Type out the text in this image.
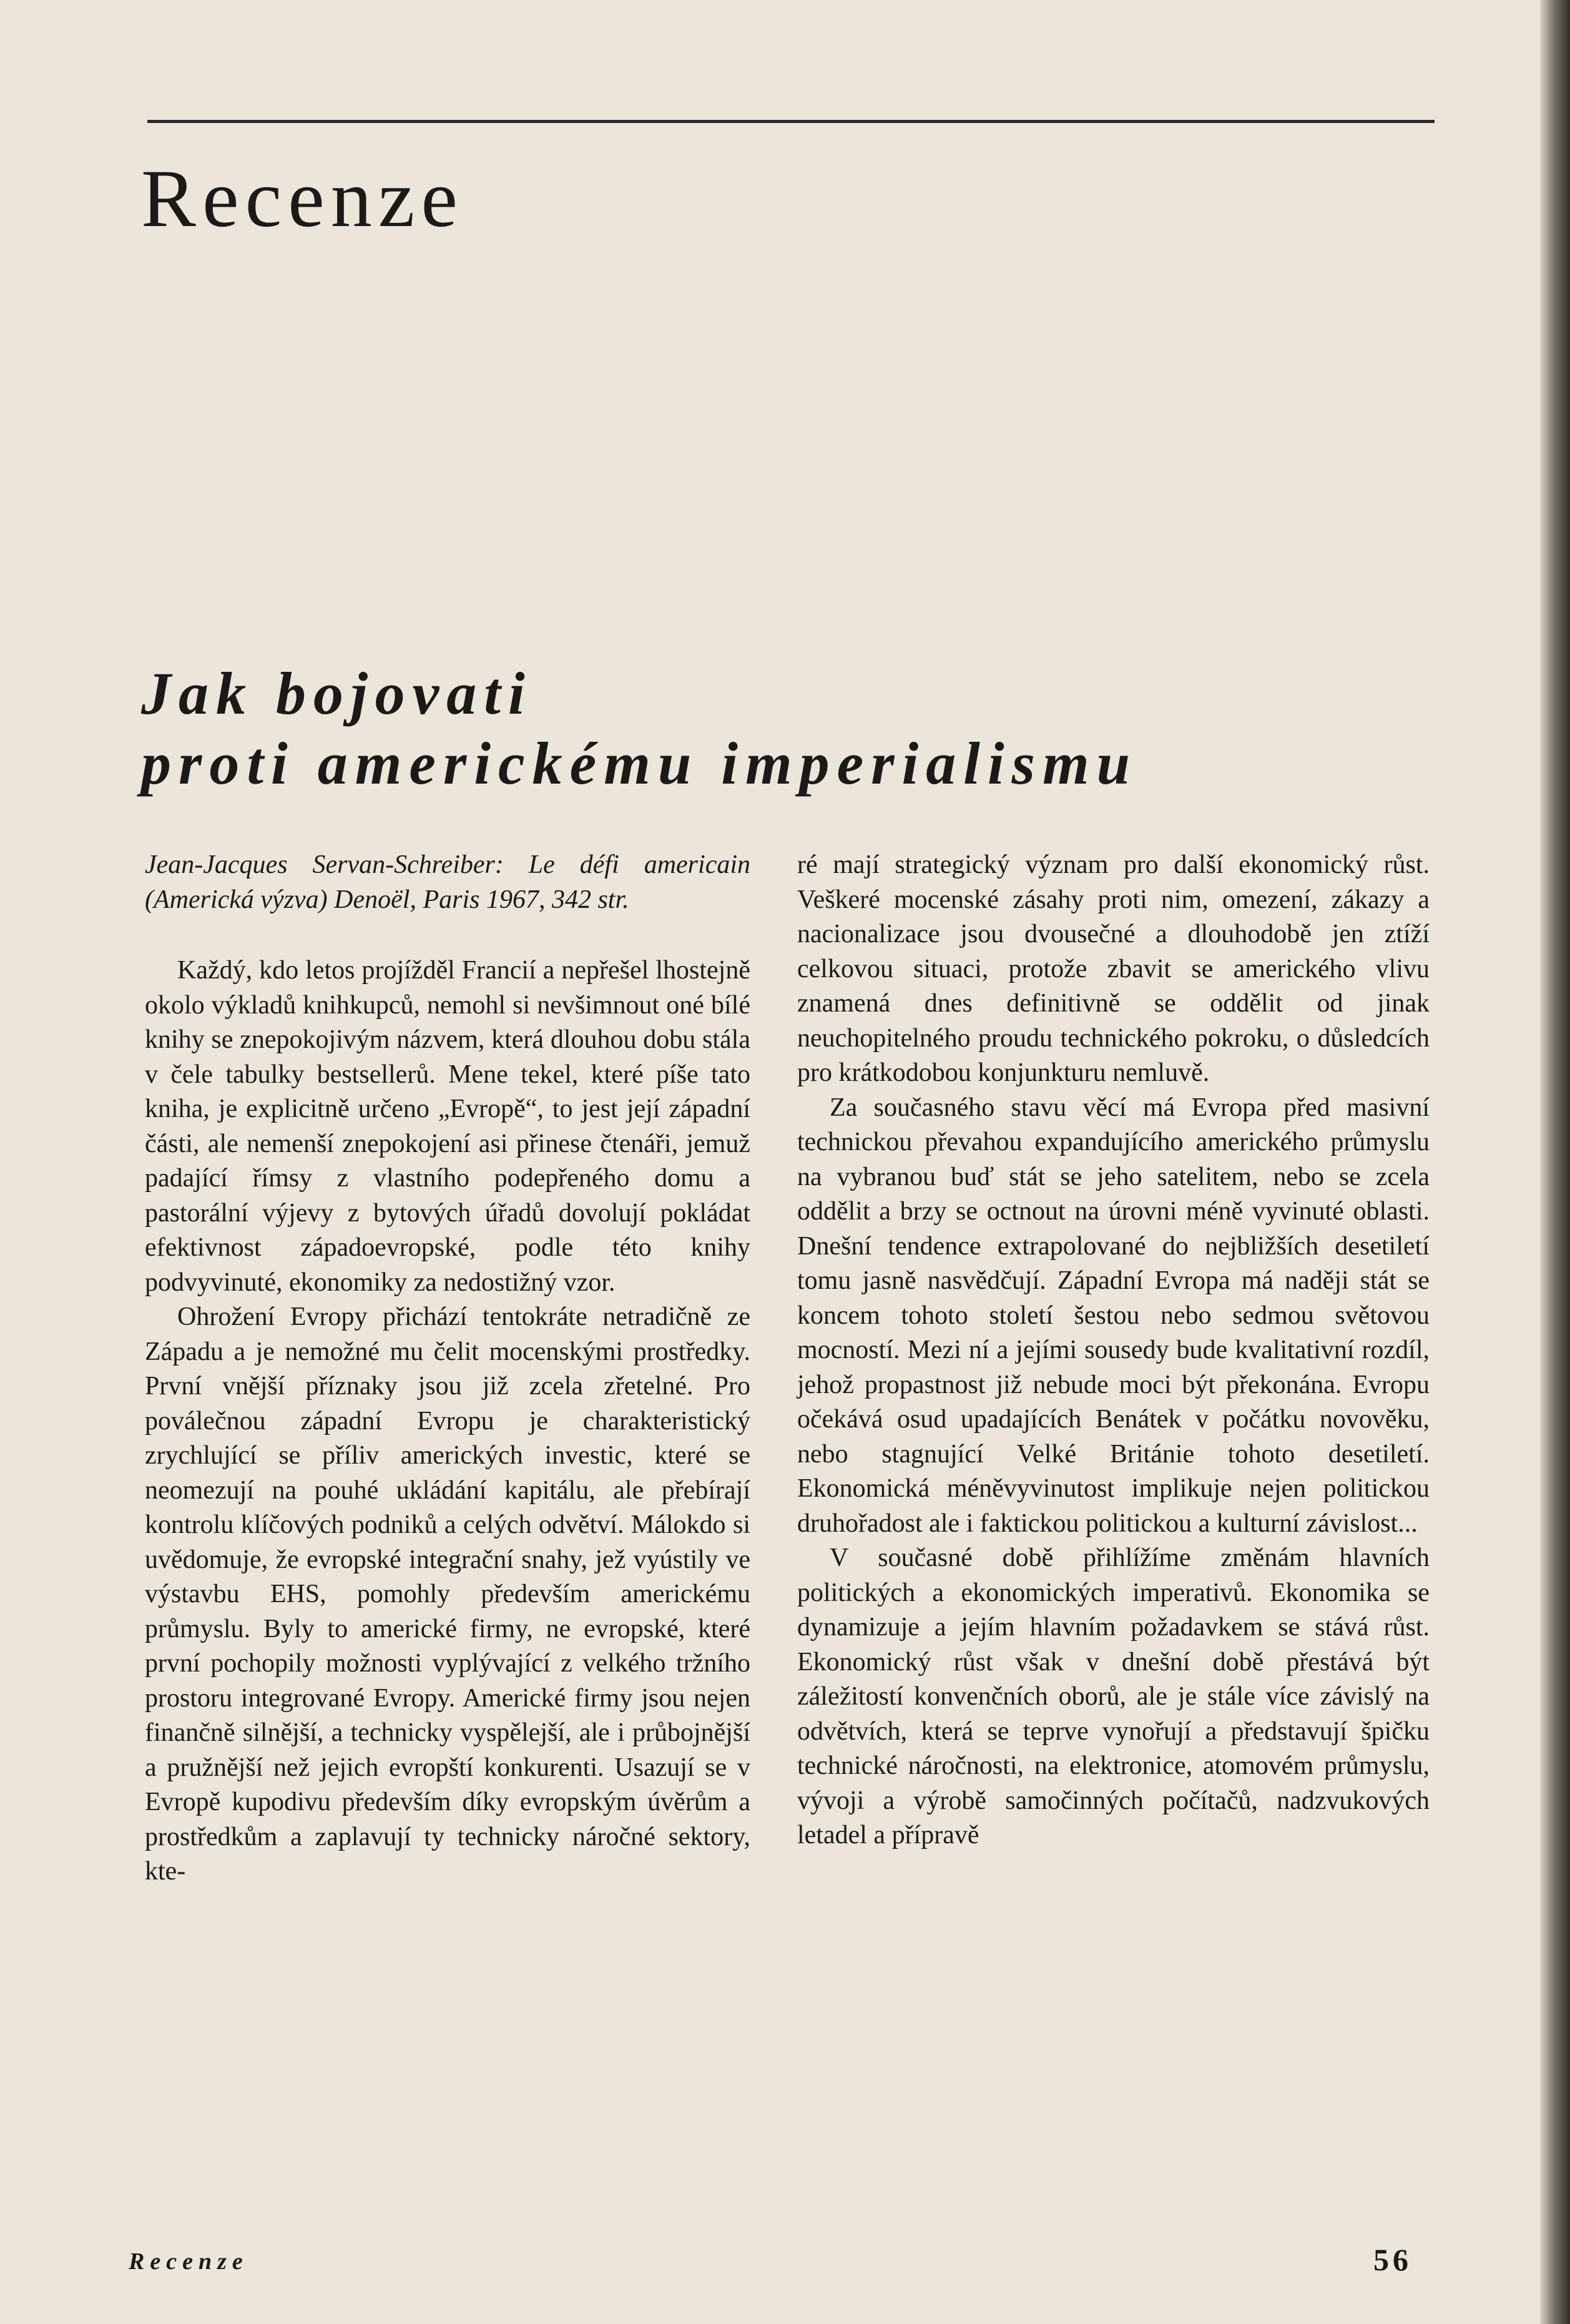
Recenze
Jak bojovati
proti americkému imperialismu

Jean-Jacques Servan-Schreiber: Le défi americain (Americká výzva) Denoël, Paris 1967, 342 str.

Každý, kdo letos projížděl Francií a nepřešel lhostejně okolo výkladů knihkupců, nemohl si nevšimnout oné bílé knihy se znepokojivým názvem, která dlouhou dobu stála v čele tabulky bestsellerů. Mene tekel, které píše tato kniha, je explicitně určeno „Evropě“, to jest její západní části, ale nemenší znepokojení asi přinese čtenáři, jemuž padající římsy z vlastního podepřeného domu a pastorální výjevy z bytových úřadů dovolují pokládat efektivnost západoevropské, podle této knihy podvyvinuté, ekonomiky za nedostižný vzor.

Ohrožení Evropy přichází tentokráte netradičně ze Západu a je nemožné mu čelit mocenskými prostředky. První vnější příznaky jsou již zcela zřetelné. Pro poválečnou západní Evropu je charakteristický zrychlující se příliv amerických investic, které se neomezují na pouhé ukládání kapitálu, ale přebírají kontrolu klíčových podniků a celých odvětví. Málokdo si uvědomuje, že evropské integrační snahy, jež vyústily ve výstavbu EHS, pomohly především americkému průmyslu. Byly to americké firmy, ne evropské, které první pochopily možnosti vyplývající z velkého tržního prostoru integrované Evropy. Americké firmy jsou nejen finančně silnější, a technicky vyspělejší, ale i průbojnější a pružnější než jejich evropští konkurenti. Usazují se v Evropě kupodivu především díky evropským úvěrům a prostředkům a zaplavují ty technicky náročné sektory, kte-

ré mají strategický význam pro další ekonomický růst. Veškeré mocenské zásahy proti nim, omezení, zákazy a nacionalizace jsou dvousečné a dlouhodobě jen ztíží celkovou situaci, protože zbavit se amerického vlivu znamená dnes definitivně se oddělit od jinak neuchopitelného proudu technického pokroku, o důsledcích pro krátkodobou konjunkturu nemluvě.

Za současného stavu věcí má Evropa před masivní technickou převahou expandujícího amerického průmyslu na vybranou buď stát se jeho satelitem, nebo se zcela oddělit a brzy se octnout na úrovni méně vyvinuté oblasti. Dnešní tendence extrapolované do nejbližších desetiletí tomu jasně nasvědčují. Západní Evropa má naději stát se koncem tohoto století šestou nebo sedmou světovou mocností. Mezi ní a jejími sousedy bude kvalitativní rozdíl, jehož propastnost již nebude moci být překonána. Evropu očekává osud upadajících Benátek v počátku novověku, nebo stagnující Velké Británie tohoto desetiletí. Ekonomická méněvyvinutost implikuje nejen politickou druhořadost ale i faktickou politickou a kulturní závislost...

V současné době přihlížíme změnám hlavních politických a ekonomických imperativů. Ekonomika se dynamizuje a jejím hlavním požadavkem se stává růst. Ekonomický růst však v dnešní době přestává být záležitostí konvenčních oborů, ale je stále více závislý na odvětvích, která se teprve vynořují a představují špičku technické náročnosti, na elektronice, atomovém průmyslu, vývoji a výrobě samočinných počítačů, nadzvukových letadel a přípravě

Recenze	56
